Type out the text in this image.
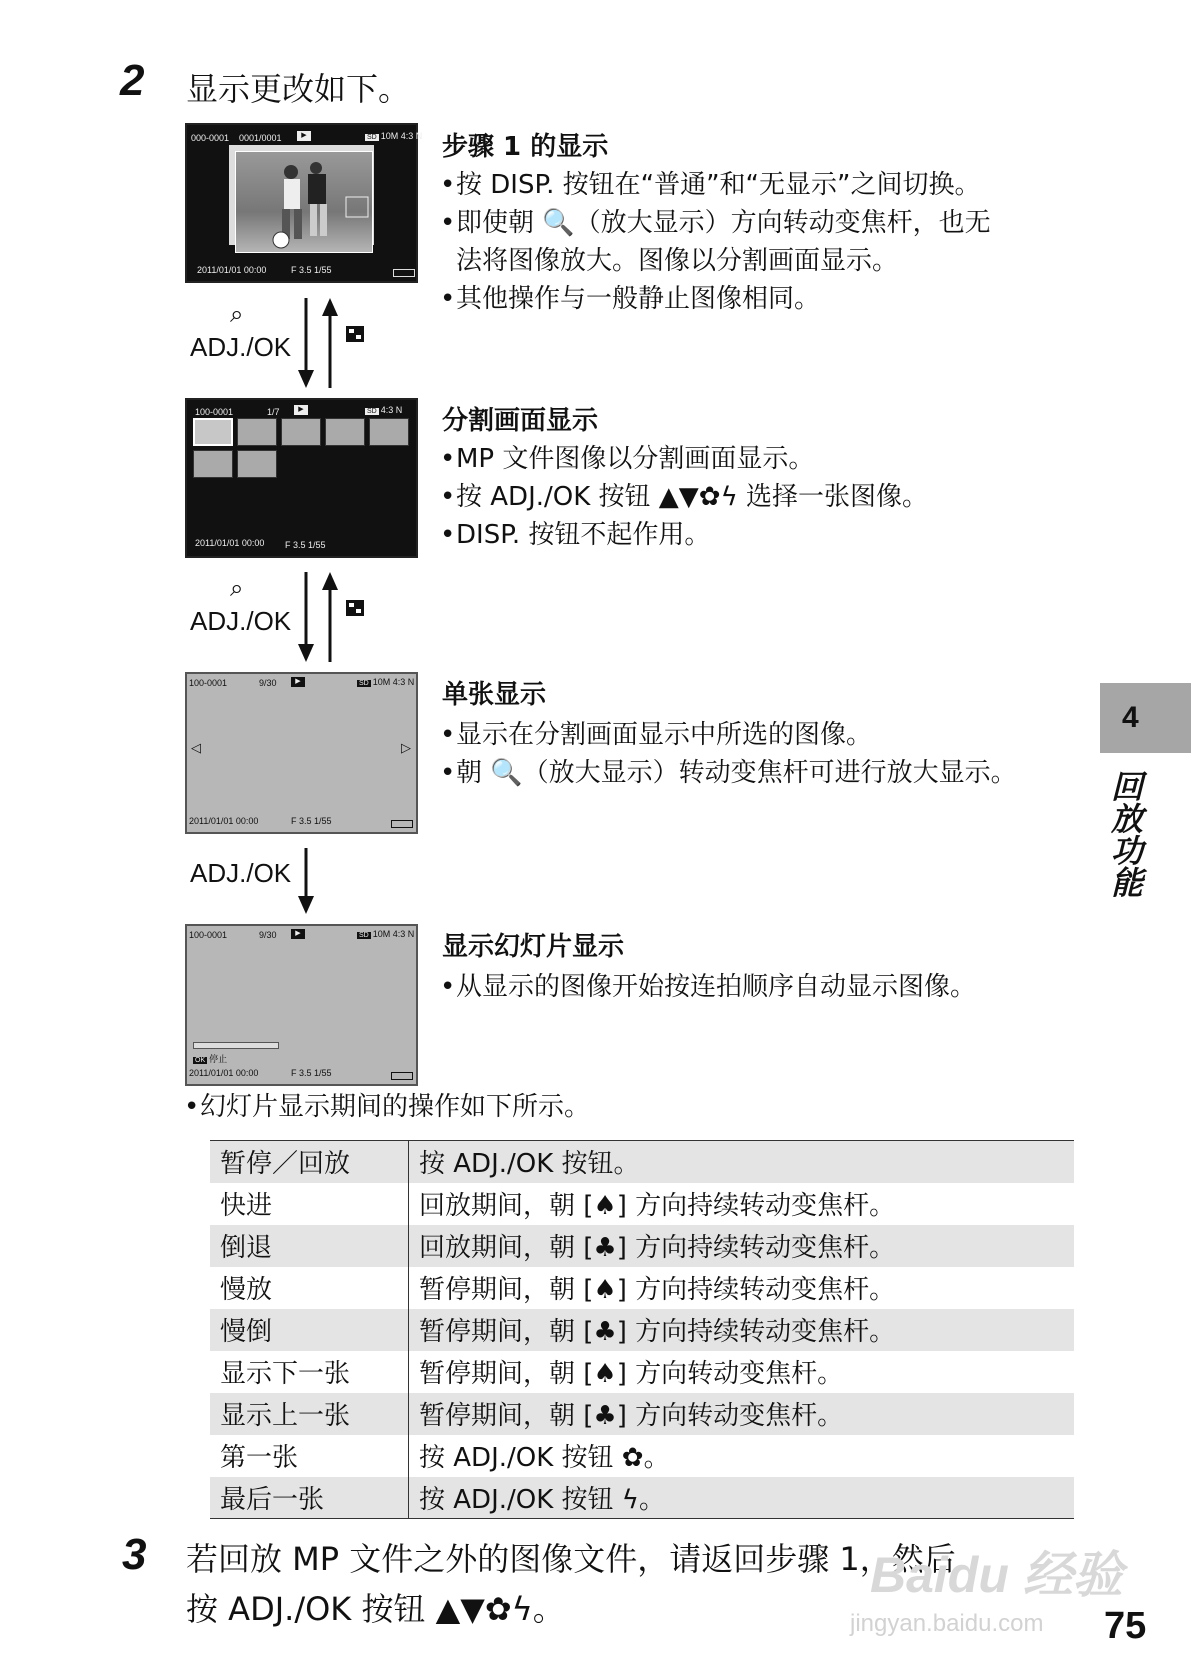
2 显示更改如下。
000-0001 0001/0001	▶	SD 10M 4:3 N
2011/01/01 00:00	F 3.5 1/55
步骤 1 的显示
•按 DISP. 按钮在“普通”和“无显示”之间切换。
•即使朝 🔍（放大显示）方向转动变焦杆，也无
法将图像放大。图像以分割画面显示。
•其他操作与一般静止图像相同。
⌕
ADJ./OK
100-0001	1/7	▶	SD 4:3 N
2011/01/01 00:00 F 3.5 1/55
分割画面显示
•MP 文件图像以分割画面显示。
•按 ADJ./OK 按钮 ▲▼✿ϟ 选择一张图像。
•DISP. 按钮不起作用。
⌕
ADJ./OK
100-0001	9/30	▶	SD 10M 4:3 N
◁	▷
2011/01/01 00:00	F 3.5 1/55
单张显示
•显示在分割画面显示中所选的图像。
•朝 🔍（放大显示）转动变焦杆可进行放大显示。
ADJ./OK
100-0001	9/30	▶	SD 10M 4:3 N
OK 停止
2011/01/01 00:00	F 3.5 1/55
显示幻灯片显示
•从显示的图像开始按连拍顺序自动显示图像。
•幻灯片显示期间的操作如下所示。
暂停／回放	按 ADJ./OK 按钮。
快进	回放期间，朝 [♠] 方向持续转动变焦杆。
倒退	回放期间，朝 [♣] 方向持续转动变焦杆。
慢放	暂停期间，朝 [♠] 方向持续转动变焦杆。
慢倒	暂停期间，朝 [♣] 方向持续转动变焦杆。
显示下一张	暂停期间，朝 [♠] 方向转动变焦杆。
显示上一张	暂停期间，朝 [♣] 方向转动变焦杆。
第一张	按 ADJ./OK 按钮 ✿。
最后一张	按 ADJ./OK 按钮 ϟ。
3 若回放 MP 文件之外的图像文件，请返回步骤 1，然后
按 ADJ./OK 按钮 ▲▼✿ϟ。
4
回放功能
Baidu 经验
jingyan.baidu.com 75
